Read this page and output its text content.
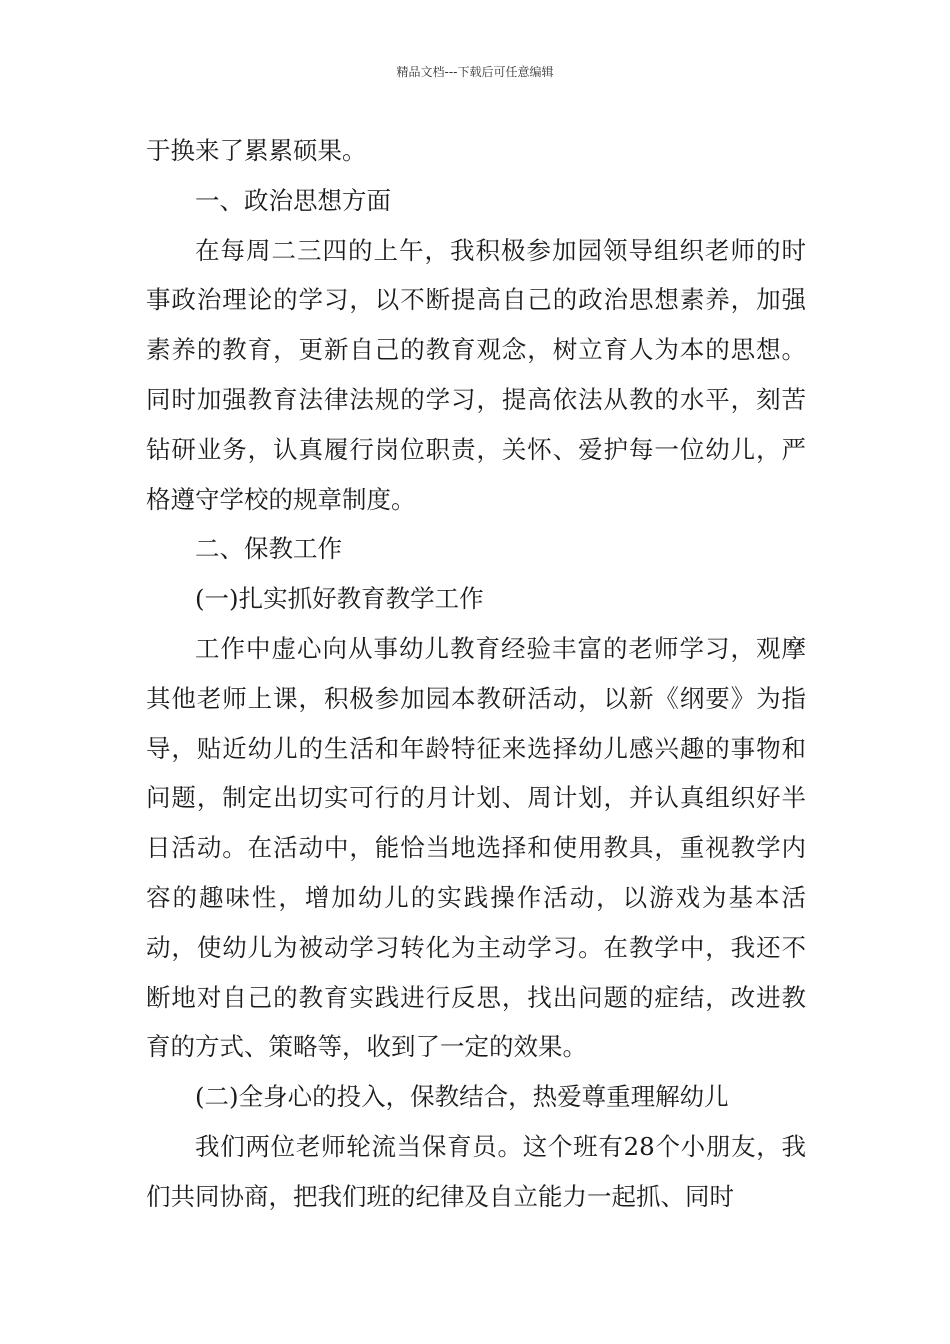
精品文档---下载后可任意编辑

于换来了累累硕果。

一、政治思想方面

在每周二三四的上午，我积极参加园领导组织老师的时事政治理论的学习，以不断提高自己的政治思想素养，加强素养的教育，更新自己的教育观念，树立育人为本的思想。同时加强教育法律法规的学习，提高依法从教的水平，刻苦钻研业务，认真履行岗位职责，关怀、爱护每一位幼儿，严格遵守学校的规章制度。

二、保教工作

(一)扎实抓好教育教学工作

工作中虚心向从事幼儿教育经验丰富的老师学习，观摩其他老师上课，积极参加园本教研活动，以新《纲要》为指导，贴近幼儿的生活和年龄特征来选择幼儿感兴趣的事物和问题，制定出切实可行的月计划、周计划，并认真组织好半日活动。在活动中，能恰当地选择和使用教具，重视教学内容的趣味性，增加幼儿的实践操作活动，以游戏为基本活动，使幼儿为被动学习转化为主动学习。在教学中，我还不断地对自己的教育实践进行反思，找出问题的症结，改进教育的方式、策略等，收到了一定的效果。

(二)全身心的投入，保教结合，热爱尊重理解幼儿

我们两位老师轮流当保育员。这个班有28个小朋友，我们共同协商，把我们班的纪律及自立能力一起抓、同时
